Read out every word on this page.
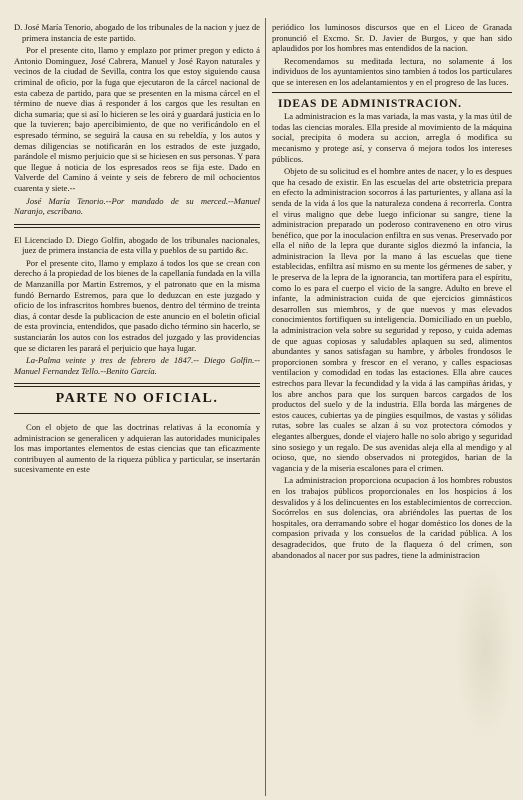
D. José María Tenorio, abogado de los tribunales de la nacion y juez de primera instancia de este partido.

Por el presente cito, llamo y emplazo por primer pregon y edicto á Antonio Dominguez, José Cabrera, Manuel y José Rayon naturales y vecinos de la ciudad de Sevilla, contra los que estoy siguiendo causa criminal de oficio, por la fuga que ejecutaron de la cárcel nacional de esta cabeza de partido, para que se presenten en la misma cárcel en el término de nueve dias á responder á los cargos que les resultan en dicha sumaria; que si así lo hicieren se les oirá y guardará justicia en lo que la tuvieren; bajo apercibimiento, de que no verificándolo en el espresado término, se seguirá la causa en su rebeldía, y los autos y demas diligencias se notificarán en los estrados de este juzgado, parándole el mismo perjuicio que si se hiciesen en sus personas. Y para que llegue á noticia de los espresados reos se fija este. Dado en Valverde del Camino á veinte y seis de febrero de mil ochocientos cuarenta y siete.--

José María Tenorio.--Por mandado de su merced.--Manuel Naranjo, escribano.

El Licenciado D. Diego Golfin, abogado de los tribunales nacionales, juez de primera instancia de esta villa y pueblos de su partido &c.

Por el presente cito, llamo y emplazo á todos los que se crean con derecho á la propiedad de los bienes de la capellanía fundada en la villa de Manzanilla por Martin Estremos, y el patronato que en la misma fundó Bernardo Estremos, para que lo deduzcan en este juzgado y oficio de los infrascritos hombres buenos, dentro del término de treinta dias, á contar desde la publicacion de este anuncio en el boletin oficial de esta provincia, entendidos, que pasado dicho término sin hacerlo, se sustanciarán los autos con los estrados del juzgado y las providencias que se dictaren les parará el perjuicio que haya lugar.

La-Palma veinte y tres de febrero de 1847.-- Diego Golfin.-- Manuel Fernandez Tello.--Benito García.

PARTE NO OFICIAL.

Con el objeto de que las doctrinas relativas á la economía y administracion se generalicen y adquieran las autoridades municipales los mas importantes elementos de estas ciencias que tan eficazmente contribuyen al aumento de la riqueza pública y particular, se insertarán sucesivamente en este

periódico los luminosos discursos que en el Liceo de Granada pronunció el Excmo. Sr. D. Javier de Burgos, y que han sido aplaudidos por los hombres mas entendidos de la nacion.

Recomendamos su meditada lectura, no solamente á los individuos de los ayuntamientos sino tambien á todos los particulares que se interesen en los adelantamientos y en el progreso de las luces.

IDEAS DE ADMINISTRACION.

La administracion es la mas variada, la mas vasta, y la mas útil de todas las ciencias morales. Ella preside al movimiento de la máquina social, precipita ó modera su accion, arregla ó modifica su mecanismo y protege así, y conserva ó mejora todos los intereses públicos.

Objeto de su solicitud es el hombre antes de nacer, y lo es despues que ha cesado de existir. En las escuelas del arte obstetricia prepara en efecto la administracion socorros á las parturientes, y allana así la senda de la vida á los que la naturaleza condena á recorrerla. Contra el virus maligno que debe luego inficionar su sangre, tiene la administracion preparado un poderoso contraveneno en otro virus benéfico, que por la inoculacion enfiltra en sus venas. Preservado por ella el niño de la lepra que durante siglos diezmó la infancia, la administracion la lleva por la mano á las escuelas que tiene establecidas, enfiltra así mismo en su mente los gérmenes de saber, y le preserva de la lepra de la ignorancia, tan mortífera para el espíritu, como lo es para el cuerpo el vicio de la sangre. Adulto en breve el infante, la administracion cuida de que ejercicios gimnásticos desarrollen sus miembros, y de que nuevos y mas elevados conocimientos fortifiquen su inteligencia. Domiciliado en un pueblo, la administracion vela sobre su seguridad y reposo, y cuida ademas de que aguas copiosas y saludables aplaquen su sed, alimentos abundantes y sanos satisfagan su hambre, y árboles frondosos le proporcionen sombra y frescor en el verano, y calles espaciosas ventilacion y comodidad en todas las estaciones. Ella abre cauces estrechos para llevar la fecundidad y la vida á las campiñas áridas, y los abre anchos para que los surquen barcos cargados de los productos del suelo y de la industria. Ella borda las márgenes de estos cauces, cubiertas ya de pingües esquilmos, de vastas y sólidas rutas, sobre las cuales se alzan á su voz protectora cómodos y elegantes albergues, donde el viajero halle no solo abrigo y seguridad sino sosiego y un regalo. De sus avenidas aleja ella al mendigo y al ocioso, que, no siendo observados ni protegidos, harian de la vagancia y de la miseria escalones para el crimen.

La administracion proporciona ocupacion á los hombres robustos en los trabajos públicos proporcionales en los hospicios á los desvalidos y á los delincuentes en los establecimientos de correccion. Socórrelos en sus dolencias, ora abriéndoles las puertas de los hospitales, ora derramando sobre el hogar doméstico los dones de la compasion privada y los consuelos de la caridad pública. A los desagradecidos, que fruto de la flaqueza ó del crímen, son abandonados al nacer por sus padres, tiene la administracion
